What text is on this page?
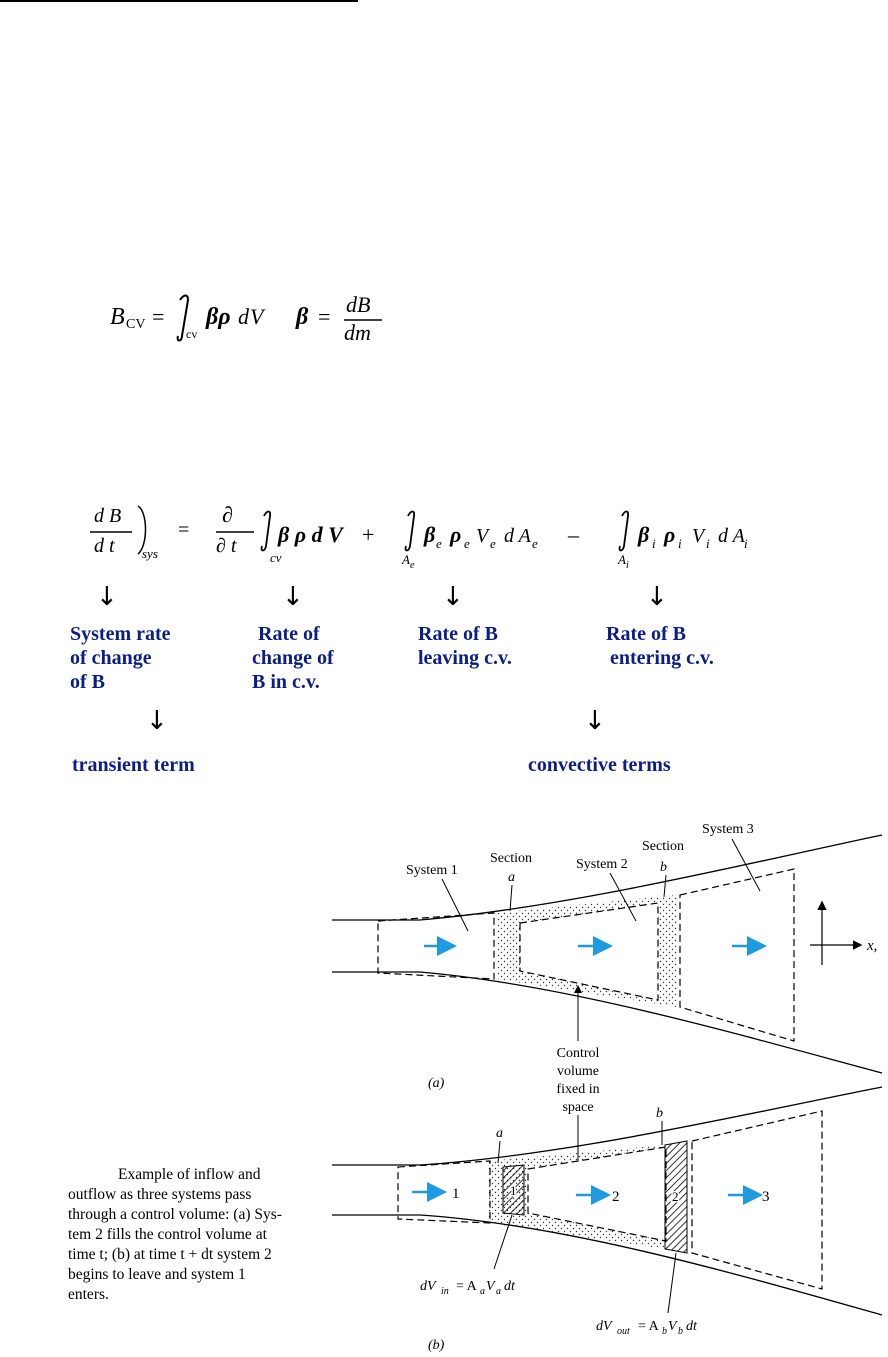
B CV =
cv
βρ d V β = dB
dm
d B
d t sys
=
∂
∂ t
cv
β ρ d V +
A e
β e ρ e V e d A e –
A i
β i ρ i V i d A i
↓	↓	↓	↓
System rate
of change
of B
Rate of
change of
B in c.v.
Rate of B
leaving c.v.
Rate of B
entering c.v.
↓	↓
transient term	convective terms
x,
System 1
Section
a
System 2
Section
b
System 3
(a)
Control
volume
fixed in
space
1	2	3
1	2
a
b
dV in = A a V a dt
dV out = A b V b dt
(b)

Example of inflow and

outflow as three systems pass

through a control volume: (a) Sys-

tem 2 fills the control volume at

time t; (b) at time t + dt system 2

begins to leave and system 1

enters.
